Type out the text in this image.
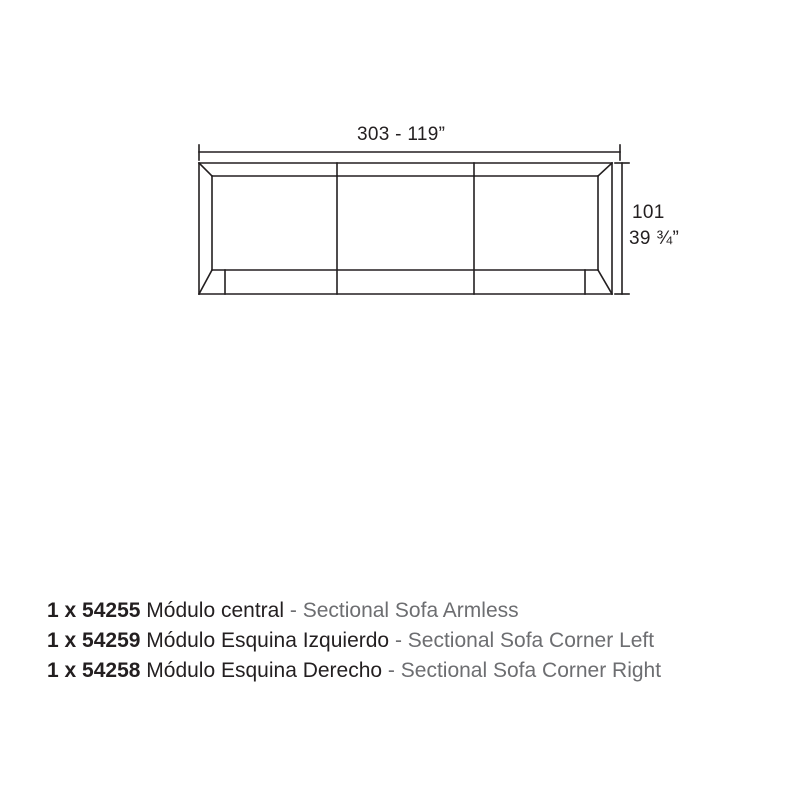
303 - 119”
101
39 ¾”
1 x 54255 Módulo central - Sectional Sofa Armless
1 x 54259 Módulo Esquina Izquierdo - Sectional Sofa Corner Left
1 x 54258 Módulo Esquina Derecho - Sectional Sofa Corner Right
